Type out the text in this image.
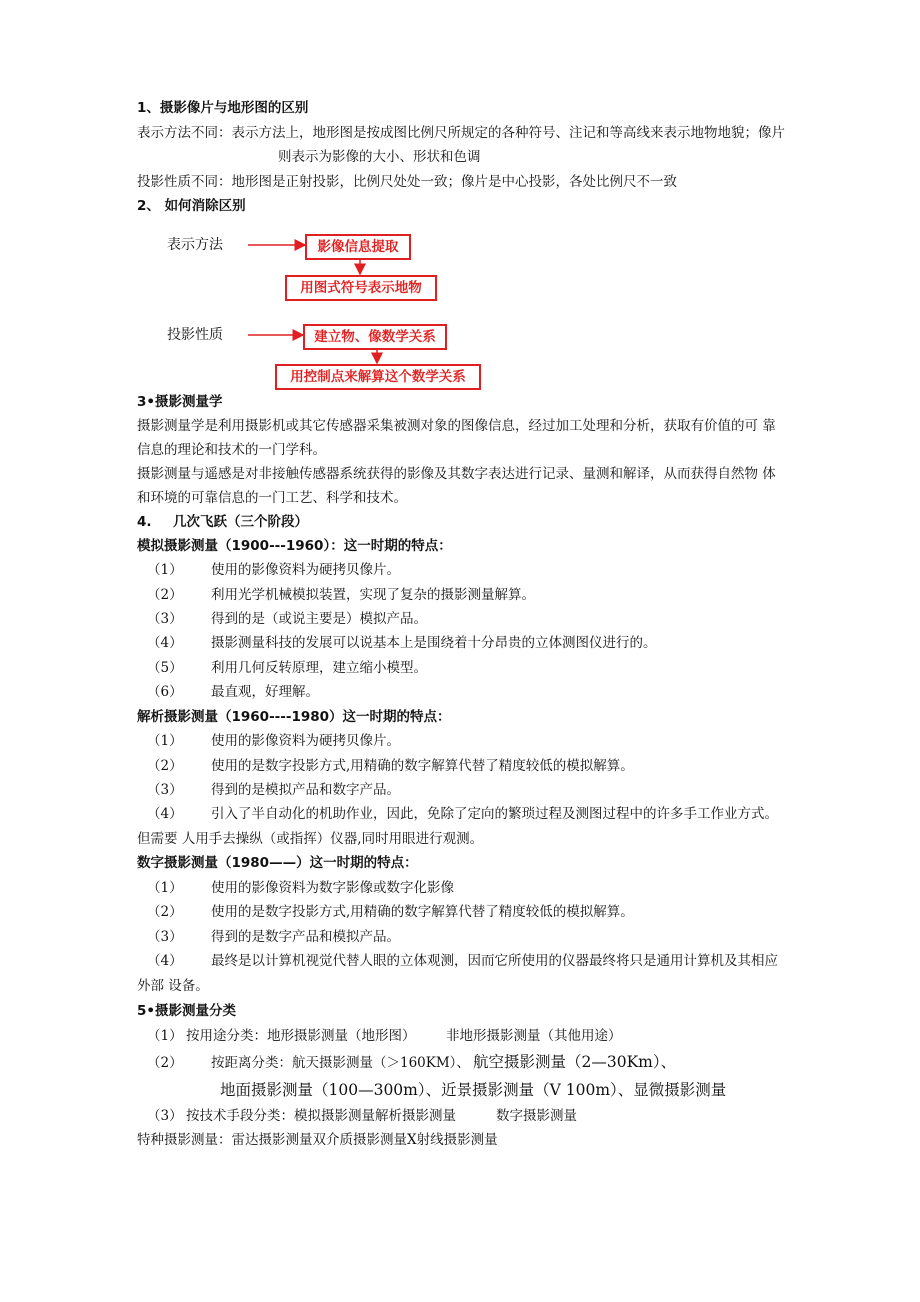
1、摄影像片与地形图的区别
表示方法不同：表示方法上，地形图是按成图比例尺所规定的各种符号、注记和等高线来表示地物地貌；像片
则表示为影像的大小、形状和色调
投影性质不同：地形图是正射投影，比例尺处处一致；像片是中心投影，各处比例尺不一致
2、 如何消除区别
表示方法	影像信息提取
用图式符号表示地物
投影性质	建立物、像数学关系
用控制点来解算这个数学关系
3•摄影测量学
摄影测量学是利用摄影机或其它传感器采集被测对象的图像信息，经过加工处理和分析，获取有价值的可 靠
信息的理论和技术的一门学科。
摄影测量与遥感是对非接触传感器系统获得的影像及其数字表达进行记录、量测和解译，从而获得自然物 体
和环境的可靠信息的一门工艺、科学和技术。
4. 几次飞跃（三个阶段）
模拟摄影测量（1900---1960）：这一时期的特点：
（1） 使用的影像资料为硬拷贝像片。
（2） 利用光学机械模拟装置，实现了复杂的摄影测量解算。
（3） 得到的是（或说主要是）模拟产品。
（4） 摄影测量科技的发展可以说基本上是围绕着十分昂贵的立体测图仪进行的。
（5） 利用几何反转原理，建立缩小模型。
（6） 最直观，好理解。
解析摄影测量（1960----1980）这一时期的特点：
（1） 使用的影像资料为硬拷贝像片。
（2） 使用的是数字投影方式,用精确的数字解算代替了精度较低的模拟解算。
（3） 得到的是模拟产品和数字产品。
（4） 引入了半自动化的机助作业，因此，免除了定向的繁琐过程及测图过程中的许多手工作业方式。
但需要 人用手去操纵（或指挥）仪器,同时用眼进行观测。
数字摄影测量（1980——）这一时期的特点：
（1） 使用的影像资料为数字影像或数字化影像
（2） 使用的是数字投影方式,用精确的数字解算代替了精度较低的模拟解算。
（3） 得到的是数字产品和模拟产品。
（4） 最终是以计算机视觉代替人眼的立体观测，因而它所使用的仪器最终将只是通用计算机及其相应
外部 设备。
5•摄影测量分类
（1） 按用途分类：地形摄影测量（地形图） 非地形摄影测量（其他用途）
（2） 按距离分类：航天摄影测量（＞160KM）、 航空摄影测量（2—30Km）、
地面摄影测量（100—300m）、近景摄影测量（V 100m）、显微摄影测量
（3） 按技术手段分类：模拟摄影测量解析摄影测量	数字摄影测量
特种摄影测量：雷达摄影测量双介质摄影测量X射线摄影测量
